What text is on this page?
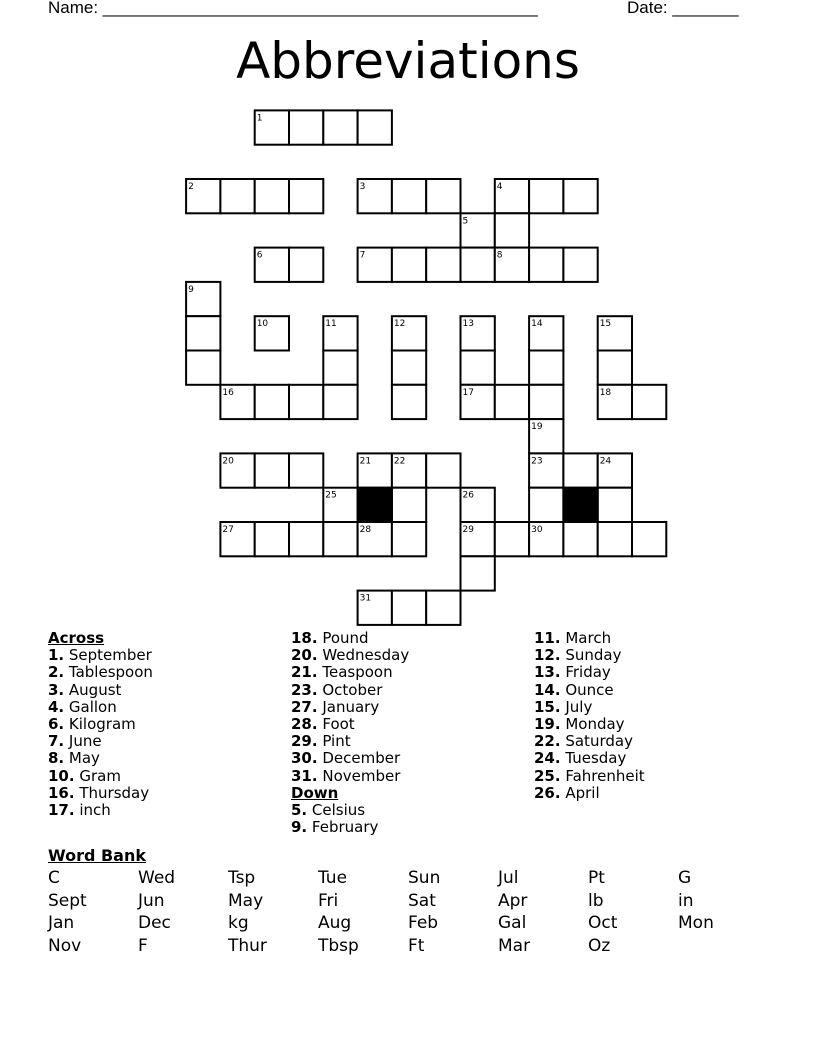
Name: ______________________________________________	Date: _______
Abbreviations
1
2	3	4
5
6	7	8
9
10	11	12	13	14	15
16	17	18
19
20	21	22	23	24
25	26
27	28	29	30
31
Across
1. September
2. Tablespoon
3. August
4. Gallon
6. Kilogram
7. June
8. May
10. Gram
16. Thursday
17. inch
18. Pound
20. Wednesday
21. Teaspoon
23. October
27. January
28. Foot
29. Pint
30. December
31. November
Down
5. Celsius
9. February
11. March
12. Sunday
13. Friday
14. Ounce
15. July
19. Monday
22. Saturday
24. Tuesday
25. Fahrenheit
26. April
Word Bank
C	Wed	Tsp	Tue	Sun	Jul	Pt	G
Sept	Jun	May	Fri	Sat	Apr	lb	in
Jan	Dec	kg	Aug	Feb	Gal	Oct	Mon
Nov	F	Thur	Tbsp	Ft	Mar	Oz
